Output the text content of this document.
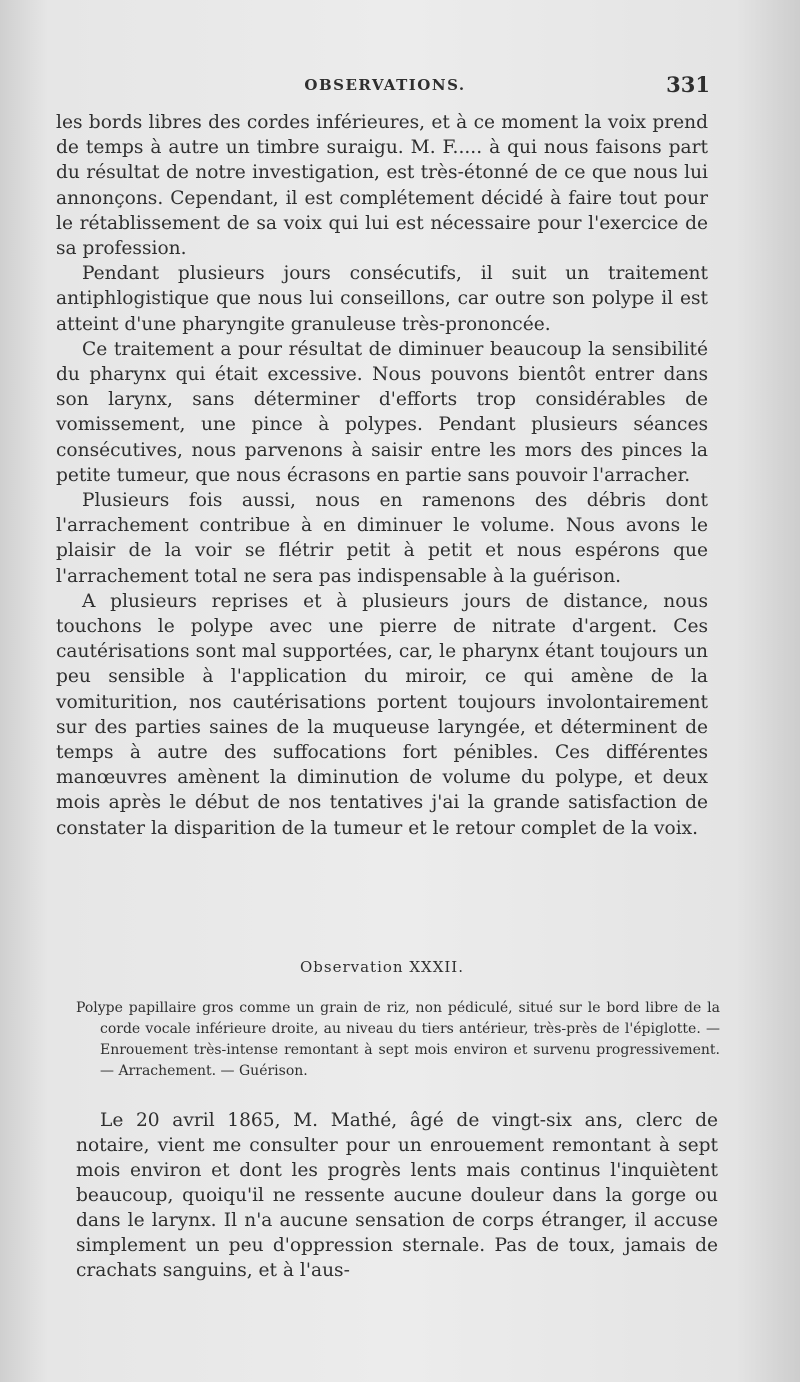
OBSERVATIONS.	331

les bords libres des cordes inférieures, et à ce moment la voix prend de temps à autre un timbre suraigu. M. F..... à qui nous faisons part du résultat de notre investigation, est très-étonné de ce que nous lui annonçons. Cependant, il est complétement décidé à faire tout pour le rétablissement de sa voix qui lui est nécessaire pour l'exercice de sa profession.

Pendant plusieurs jours consécutifs, il suit un traitement antiphlogistique que nous lui conseillons, car outre son polype il est atteint d'une pharyngite granuleuse très-prononcée.

Ce traitement a pour résultat de diminuer beaucoup la sensibilité du pharynx qui était excessive. Nous pouvons bientôt entrer dans son larynx, sans déterminer d'efforts trop considérables de vomissement, une pince à polypes. Pendant plusieurs séances consécutives, nous parvenons à saisir entre les mors des pinces la petite tumeur, que nous écrasons en partie sans pouvoir l'arracher.

Plusieurs fois aussi, nous en ramenons des débris dont l'arrachement contribue à en diminuer le volume. Nous avons le plaisir de la voir se flétrir petit à petit et nous espérons que l'arrachement total ne sera pas indispensable à la guérison.

A plusieurs reprises et à plusieurs jours de distance, nous touchons le polype avec une pierre de nitrate d'argent. Ces cautérisations sont mal supportées, car, le pharynx étant toujours un peu sensible à l'application du miroir, ce qui amène de la vomiturition, nos cautérisations portent toujours involontairement sur des parties saines de la muqueuse laryngée, et déterminent de temps à autre des suffocations fort pénibles. Ces différentes manœuvres amènent la diminution de volume du polype, et deux mois après le début de nos tentatives j'ai la grande satisfaction de constater la disparition de la tumeur et le retour complet de la voix.

Observation XXXII.
Polype papillaire gros comme un grain de riz, non pédiculé, situé sur le bord libre de la corde vocale inférieure droite, au niveau du tiers antérieur, très-près de l'épiglotte. — Enrouement très-intense remontant à sept mois environ et survenu progressivement. — Arrachement. — Guérison.

Le 20 avril 1865, M. Mathé, âgé de vingt-six ans, clerc de notaire, vient me consulter pour un enrouement remontant à sept mois environ et dont les progrès lents mais continus l'inquiètent beaucoup, quoiqu'il ne ressente aucune douleur dans la gorge ou dans le larynx. Il n'a aucune sensation de corps étranger, il accuse simplement un peu d'oppression sternale. Pas de toux, jamais de crachats sanguins, et à l'aus-
